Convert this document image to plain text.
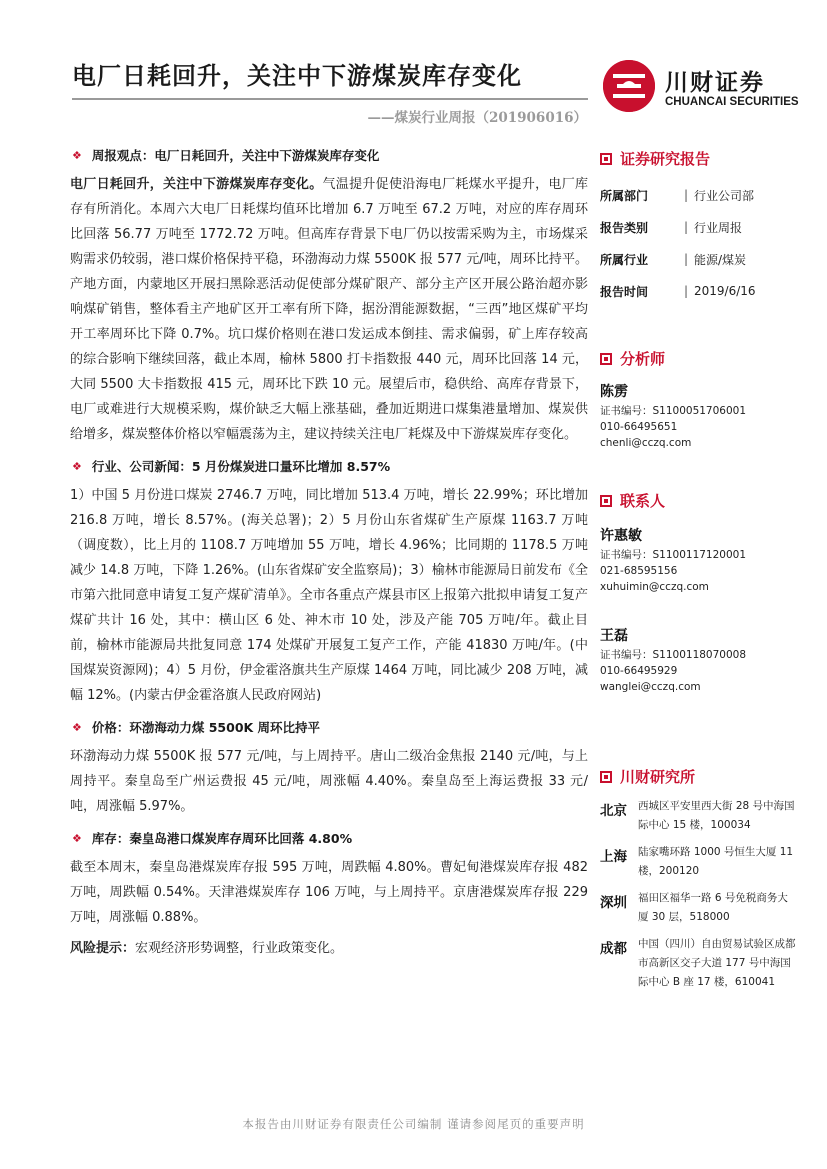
电厂日耗回升，关注中下游煤炭库存变化
——煤炭行业周报（201906016）
川财证券
CHUANCAI SECURITIES
❖ 周报观点：电厂日耗回升，关注中下游煤炭库存变化

电厂日耗回升，关注中下游煤炭库存变化。气温提升促使沿海电厂耗煤水平提升，电厂库存有所消化。本周六大电厂日耗煤均值环比增加 6.7 万吨至 67.2 万吨，对应的库存周环比回落 56.77 万吨至 1772.72 万吨。但高库存背景下电厂仍以按需采购为主，市场煤采购需求仍较弱，港口煤价格保持平稳，环渤海动力煤 5500K 报 577 元/吨，周环比持平。产地方面，内蒙地区开展扫黑除恶活动促使部分煤矿限产、部分主产区开展公路治超亦影响煤矿销售，整体看主产地矿区开工率有所下降，据汾渭能源数据，“三西”地区煤矿平均开工率周环比下降 0.7%。坑口煤价格则在港口发运成本倒挂、需求偏弱，矿上库存较高的综合影响下继续回落，截止本周，榆林 5800 打卡指数报 440 元，周环比回落 14 元，大同 5500 大卡指数报 415 元，周环比下跌 10 元。展望后市，稳供给、高库存背景下，电厂或难进行大规模采购，煤价缺乏大幅上涨基础，叠加近期进口煤集港量增加、煤炭供给增多，煤炭整体价格以窄幅震荡为主，建议持续关注电厂耗煤及中下游煤炭库存变化。

❖ 行业、公司新闻：5 月份煤炭进口量环比增加 8.57%

1）中国 5 月份进口煤炭 2746.7 万吨，同比增加 513.4 万吨，增长 22.99%；环比增加 216.8 万吨，增长 8.57%。(海关总署)；2）5 月份山东省煤矿生产原煤 1163.7 万吨（调度数），比上月的 1108.7 万吨增加 55 万吨，增长 4.96%；比同期的 1178.5 万吨减少 14.8 万吨，下降 1.26%。(山东省煤矿安全监察局)；3）榆林市能源局日前发布《全市第六批同意申请复工复产煤矿清单》。全市各重点产煤县市区上报第六批拟申请复工复产煤矿共计 16 处，其中：横山区 6 处、神木市 10 处，涉及产能 705 万吨/年。截止目前，榆林市能源局共批复同意 174 处煤矿开展复工复产工作，产能 41830 万吨/年。(中国煤炭资源网)；4）5 月份，伊金霍洛旗共生产原煤 1464 万吨，同比减少 208 万吨，减幅 12%。(内蒙古伊金霍洛旗人民政府网站)

❖ 价格：环渤海动力煤 5500K 周环比持平

环渤海动力煤 5500K 报 577 元/吨，与上周持平。唐山二级冶金焦报 2140 元/吨，与上周持平。秦皇岛至广州运费报 45 元/吨，周涨幅 4.40%。秦皇岛至上海运费报 33 元/吨，周涨幅 5.97%。

❖ 库存：秦皇岛港口煤炭库存周环比回落 4.80%

截至本周末，秦皇岛港煤炭库存报 595 万吨，周跌幅 4.80%。曹妃甸港煤炭库存报 482 万吨，周跌幅 0.54%。天津港煤炭库存 106 万吨，与上周持平。京唐港煤炭库存报 229 万吨，周涨幅 0.88%。

风险提示：宏观经济形势调整，行业政策变化。

证券研究报告
所属部门	| 行业公司部
报告类别	| 行业周报
所属行业	| 能源/煤炭
报告时间	| 2019/6/16
分析师
陈雳
证书编号：S1100051706001
010-66495651
chenli@cczq.com
联系人
许惠敏
证书编号：S1100117120001
021-68595156
xuhuimin@cczq.com
王磊
证书编号：S1100118070008
010-66495929
wanglei@cczq.com
川财研究所
北京	西城区平安里西大街 28 号中海国际中心 15 楼，100034
上海	陆家嘴环路 1000 号恒生大厦 11 楼，200120
深圳	福田区福华一路 6 号免税商务大厦 30 层，518000
成都	中国（四川）自由贸易试验区成都市高新区交子大道 177 号中海国际中心 B 座 17 楼，610041
本报告由川财证券有限责任公司编制 谨请参阅尾页的重要声明
